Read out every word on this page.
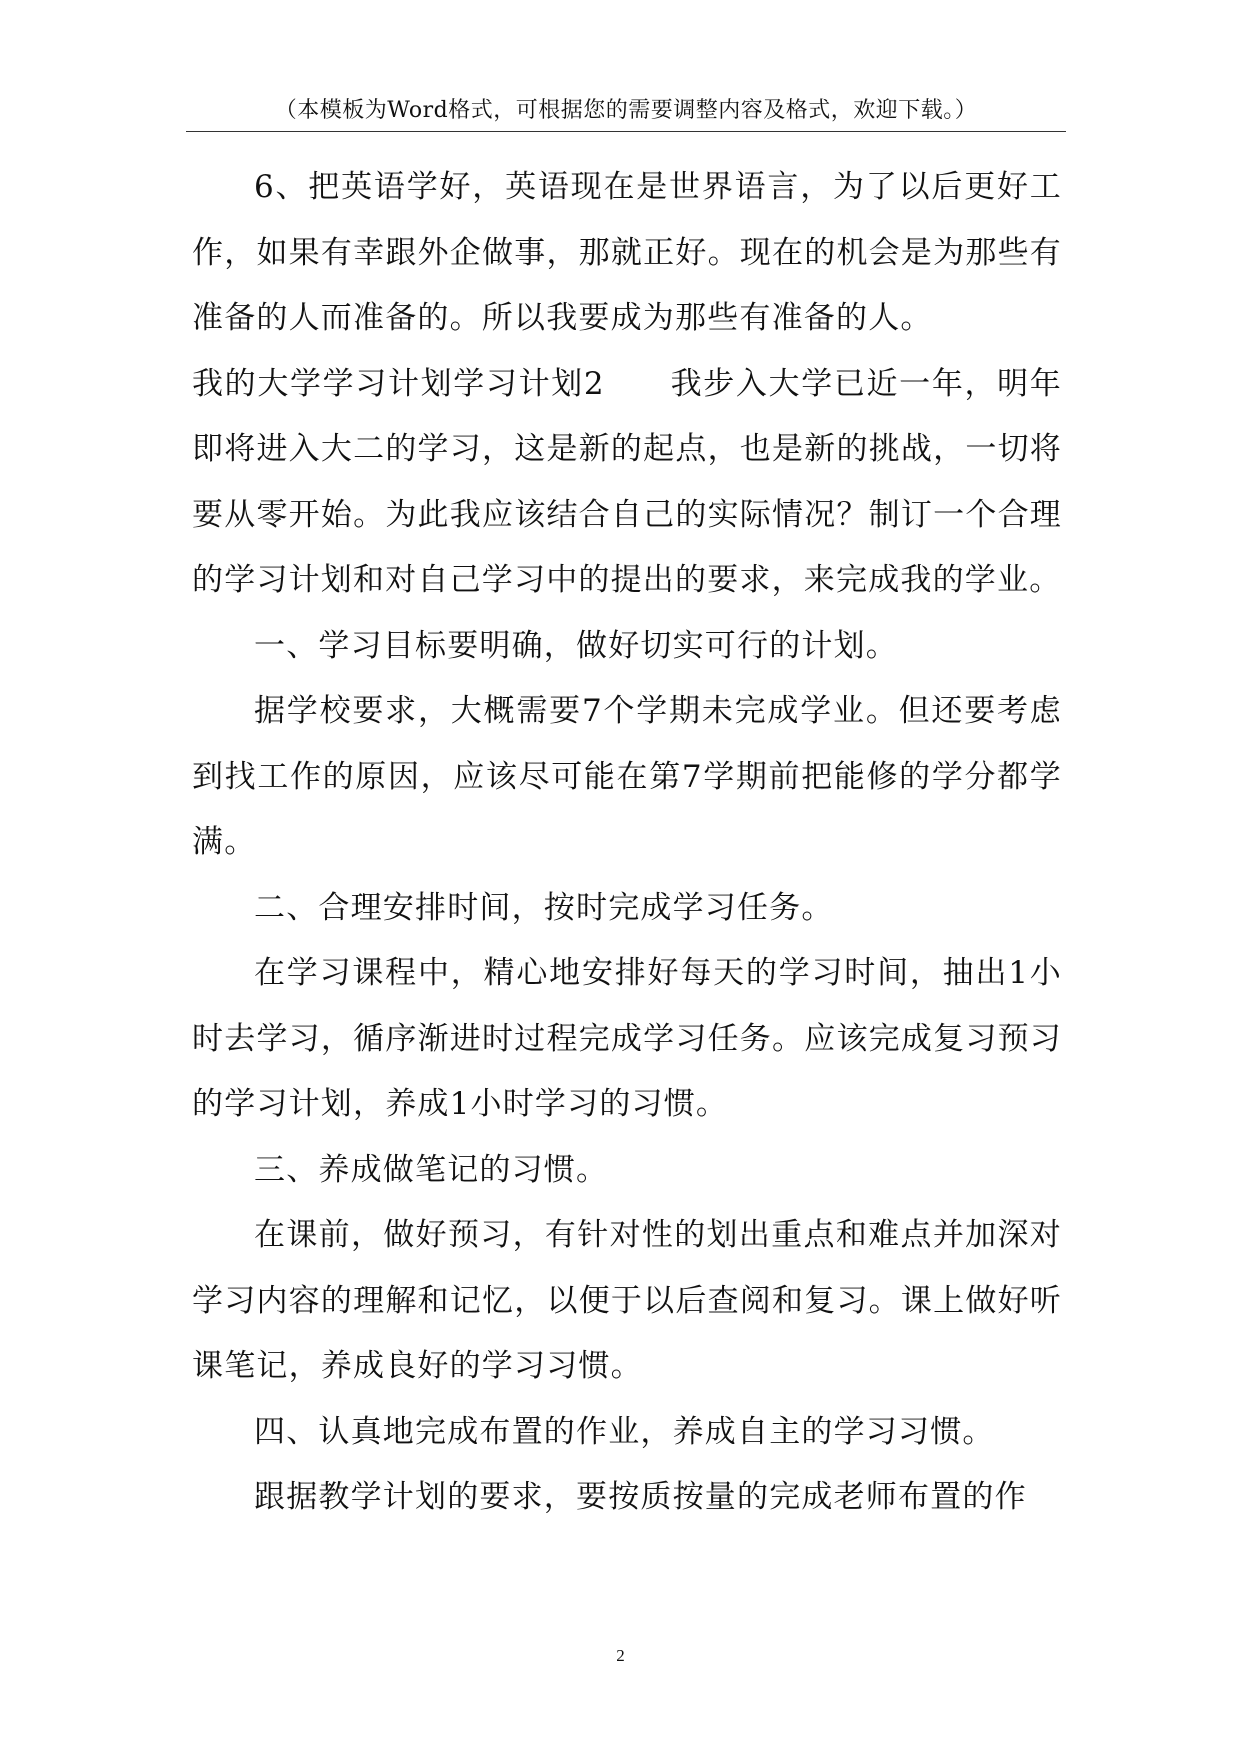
（本模板为Word格式，可根据您的需要调整内容及格式，欢迎下载。）

6、把英语学好，英语现在是世界语言，为了以后更好工作，如果有幸跟外企做事，那就正好。现在的机会是为那些有准备的人而准备的。所以我要成为那些有准备的人。

我的大学学习计划学习计划2　　我步入大学已近一年，明年即将进入大二的学习，这是新的起点，也是新的挑战，一切将要从零开始。为此我应该结合自己的实际情况？制订一个合理的学习计划和对自己学习中的提出的要求，来完成我的学业。

一、学习目标要明确，做好切实可行的计划。

据学校要求，大概需要7个学期未完成学业。但还要考虑到找工作的原因，应该尽可能在第7学期前把能修的学分都学满。

二、合理安排时间，按时完成学习任务。

在学习课程中，精心地安排好每天的学习时间，抽出1小时去学习，循序渐进时过程完成学习任务。应该完成复习预习的学习计划，养成1小时学习的习惯。

三、养成做笔记的习惯。

在课前，做好预习，有针对性的划出重点和难点并加深对学习内容的理解和记忆，以便于以后查阅和复习。课上做好听课笔记，养成良好的学习习惯。

四、认真地完成布置的作业，养成自主的学习习惯。

跟据教学计划的要求，要按质按量的完成老师布置的作

2
